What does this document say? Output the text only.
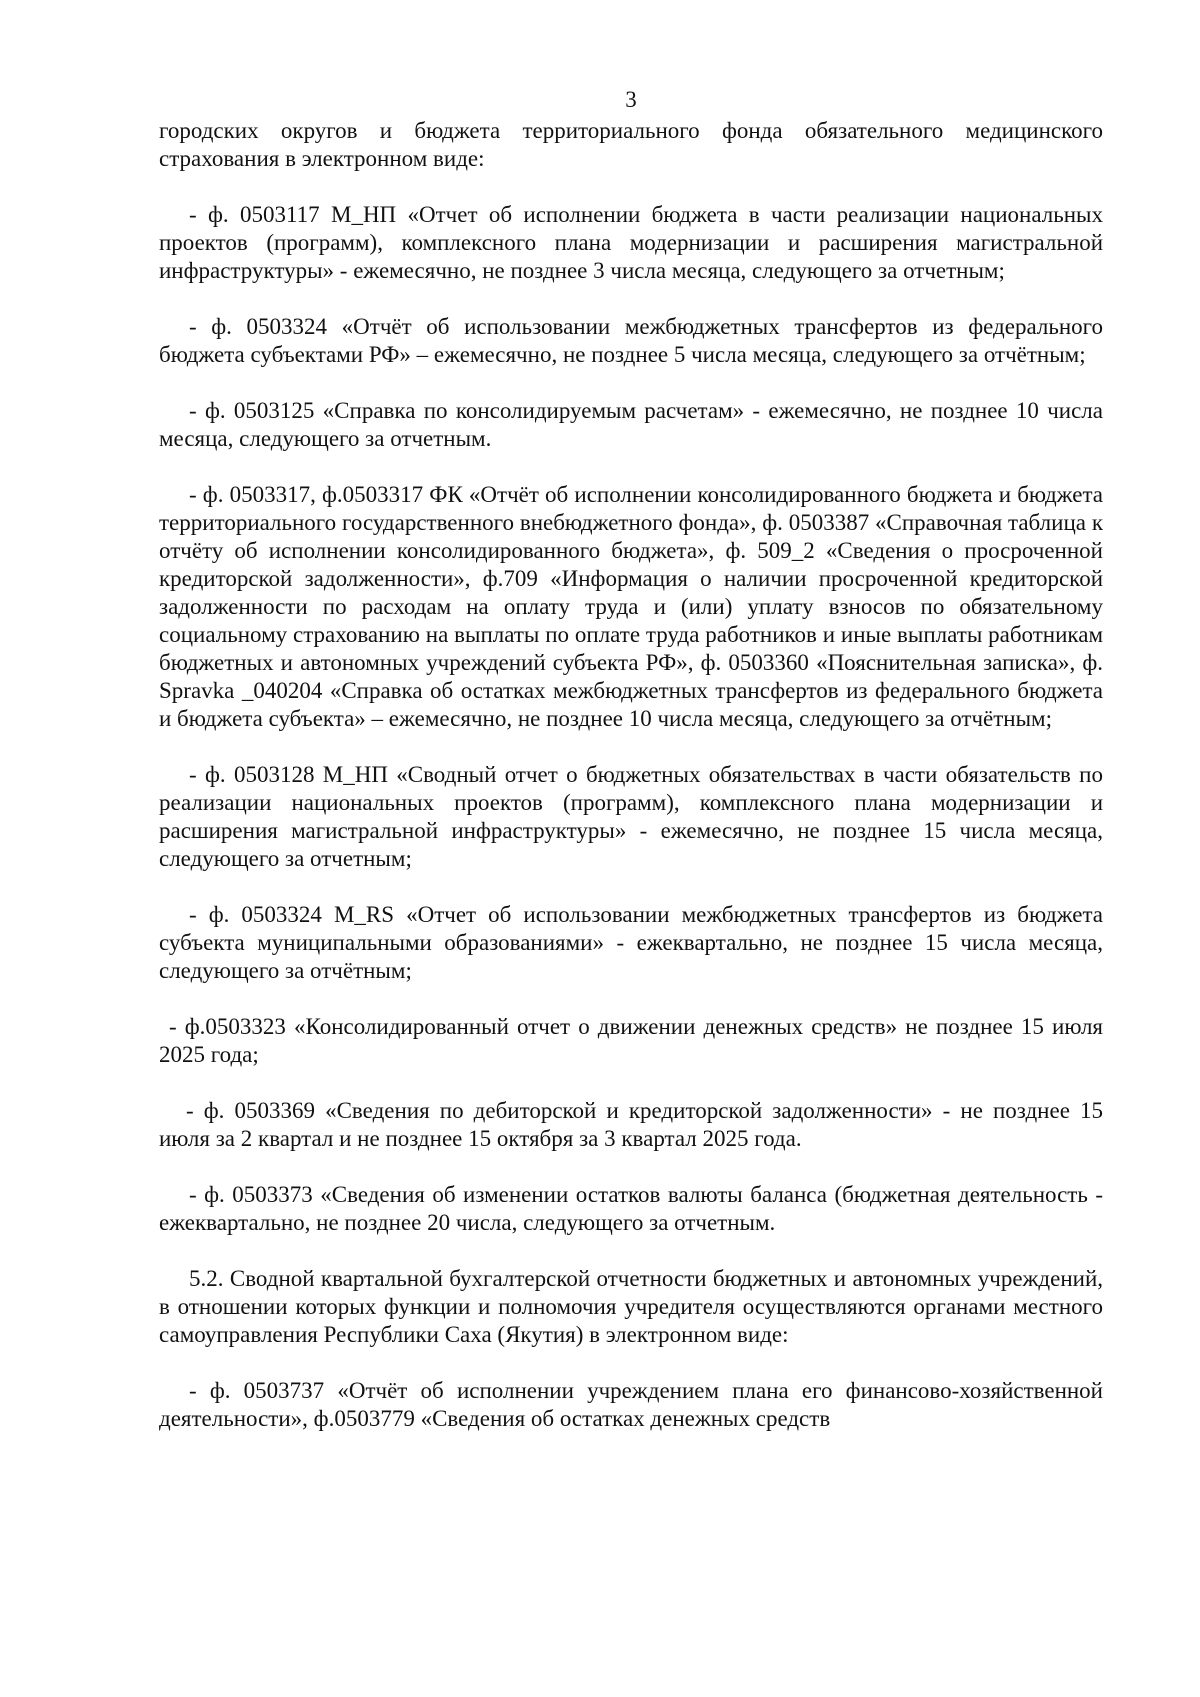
3

городских округов и бюджета территориального фонда обязательного медицинского страхования в электронном виде:

- ф. 0503117 М_НП «Отчет об исполнении бюджета в части реализации национальных проектов (программ), комплексного плана модернизации и расширения магистральной инфраструктуры» - ежемесячно, не позднее 3 числа месяца, следующего за отчетным;

- ф. 0503324 «Отчёт об использовании межбюджетных трансфертов из федерального бюджета субъектами РФ» – ежемесячно, не позднее 5 числа месяца, следующего за отчётным;

- ф. 0503125 «Справка по консолидируемым расчетам» - ежемесячно, не позднее 10 числа месяца, следующего за отчетным.

- ф. 0503317, ф.0503317 ФК «Отчёт об исполнении консолидированного бюджета и бюджета территориального государственного внебюджетного фонда», ф. 0503387 «Справочная таблица к отчёту об исполнении консолидированного бюджета», ф. 509_2 «Сведения о просроченной кредиторской задолженности», ф.709 «Информация о наличии просроченной кредиторской задолженности по расходам на оплату труда и (или) уплату взносов по обязательному социальному страхованию на выплаты по оплате труда работников и иные выплаты работникам бюджетных и автономных учреждений субъекта РФ», ф. 0503360 «Пояснительная записка», ф. Spravka _040204 «Справка об остатках межбюджетных трансфертов из федерального бюджета и бюджета субъекта» – ежемесячно, не позднее 10 числа месяца, следующего за отчётным;

- ф. 0503128 М_НП «Сводный отчет о бюджетных обязательствах в части обязательств по реализации национальных проектов (программ), комплексного плана модернизации и расширения магистральной инфраструктуры» - ежемесячно, не позднее 15 числа месяца, следующего за отчетным;

- ф. 0503324 M_RS «Отчет об использовании межбюджетных трансфертов из бюджета субъекта муниципальными образованиями» - ежеквартально, не позднее 15 числа месяца, следующего за отчётным;

- ф.0503323 «Консолидированный отчет о движении денежных средств» не позднее 15 июля 2025 года;

- ф. 0503369 «Сведения по дебиторской и кредиторской задолженности» - не позднее 15 июля за 2 квартал и не позднее 15 октября за 3 квартал 2025 года.

- ф. 0503373 «Сведения об изменении остатков валюты баланса (бюджетная деятельность - ежеквартально, не позднее 20 числа, следующего за отчетным.

5.2. Сводной квартальной бухгалтерской отчетности бюджетных и автономных учреждений, в отношении которых функции и полномочия учредителя осуществляются органами местного самоуправления Республики Саха (Якутия) в электронном виде:

- ф. 0503737 «Отчёт об исполнении учреждением плана его финансово-хозяйственной деятельности», ф.0503779 «Сведения об остатках денежных средств
